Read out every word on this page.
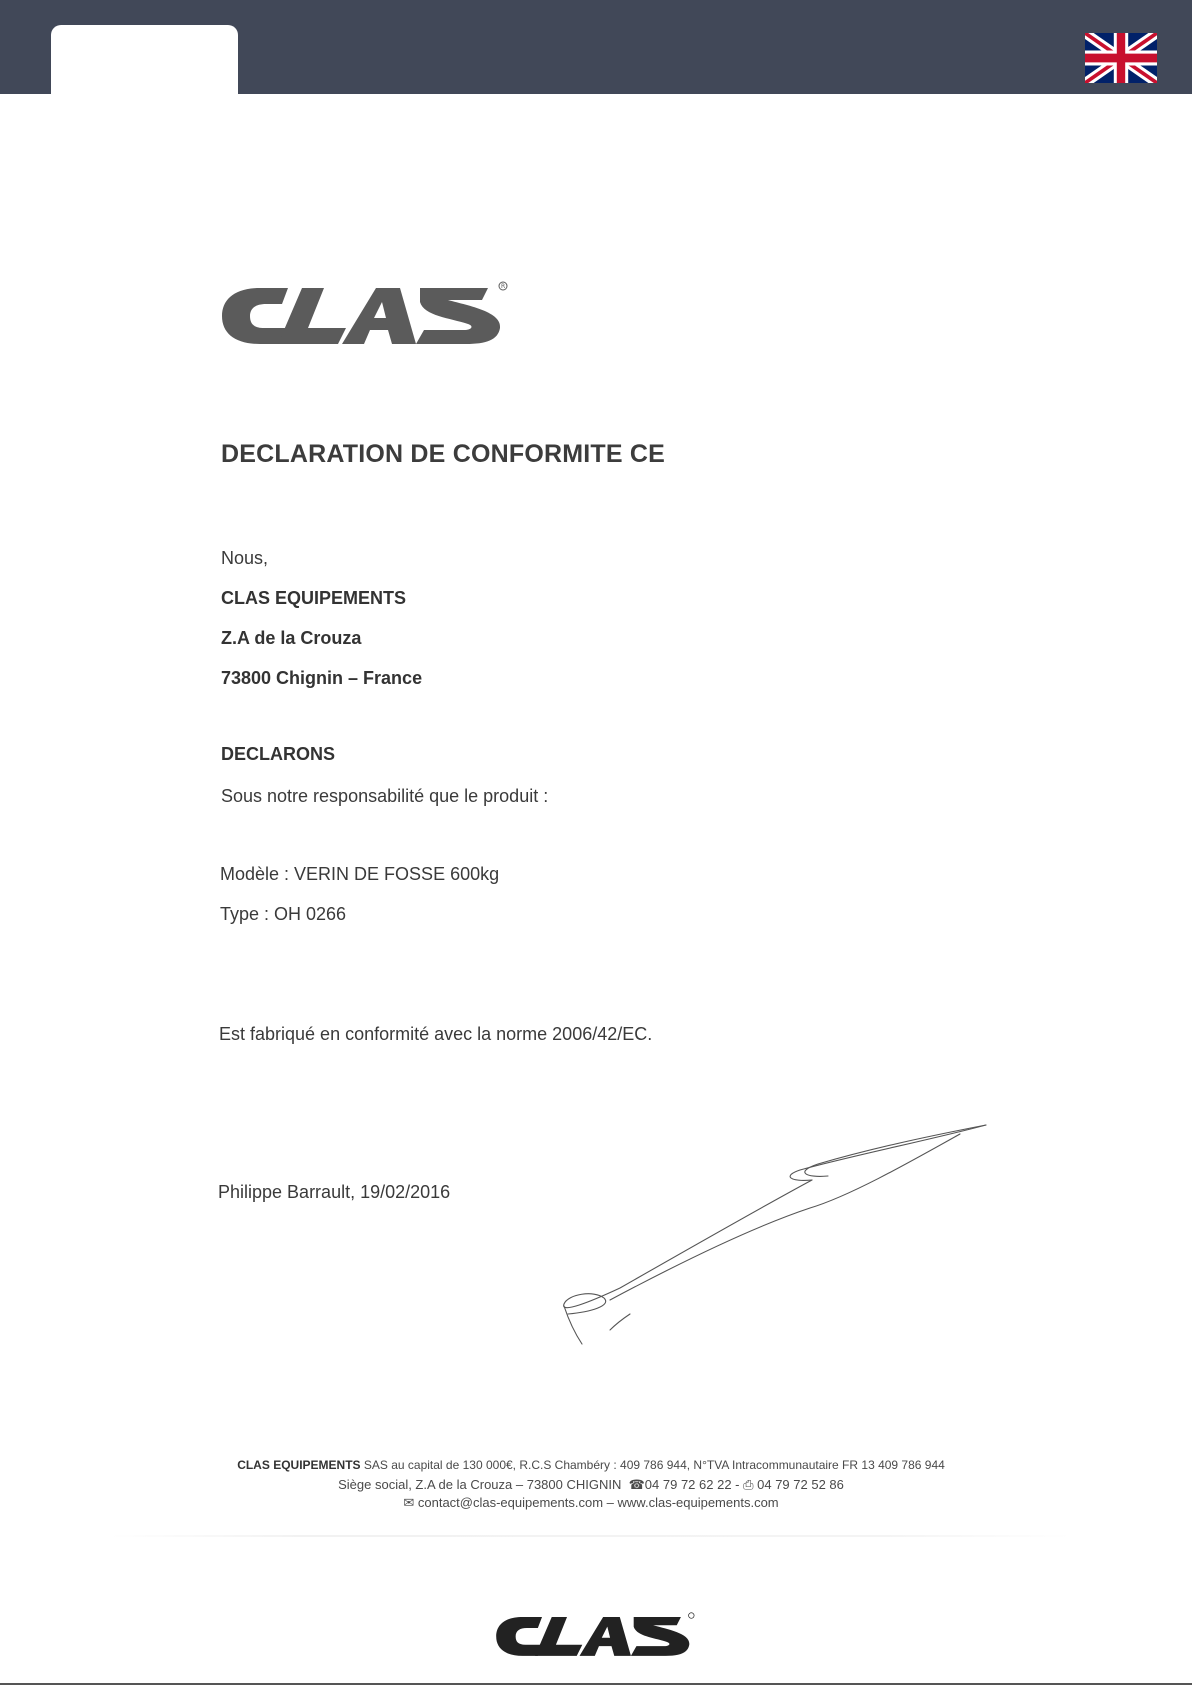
R
DECLARATION DE CONFORMITE CE
Nous,
CLAS EQUIPEMENTS
Z.A de la Crouza
73800 Chignin – France
DECLARONS
Sous notre responsabilité que le produit :
Modèle : VERIN DE FOSSE 600kg
Type : OH 0266
Est fabriqué en conformité avec la norme 2006/42/EC.
Philippe Barrault, 19/02/2016
CLAS EQUIPEMENTS SAS au capital de 130 000€, R.C.S Chambéry : 409 786 944, N°TVA Intracommunautaire FR 13 409 786 944
Siège social, Z.A de la Crouza – 73800 CHIGNIN  ☎04 79 72 62 22 - ⎙ 04 79 72 52 86
✉ contact@clas-equipements.com – www.clas-equipements.com
